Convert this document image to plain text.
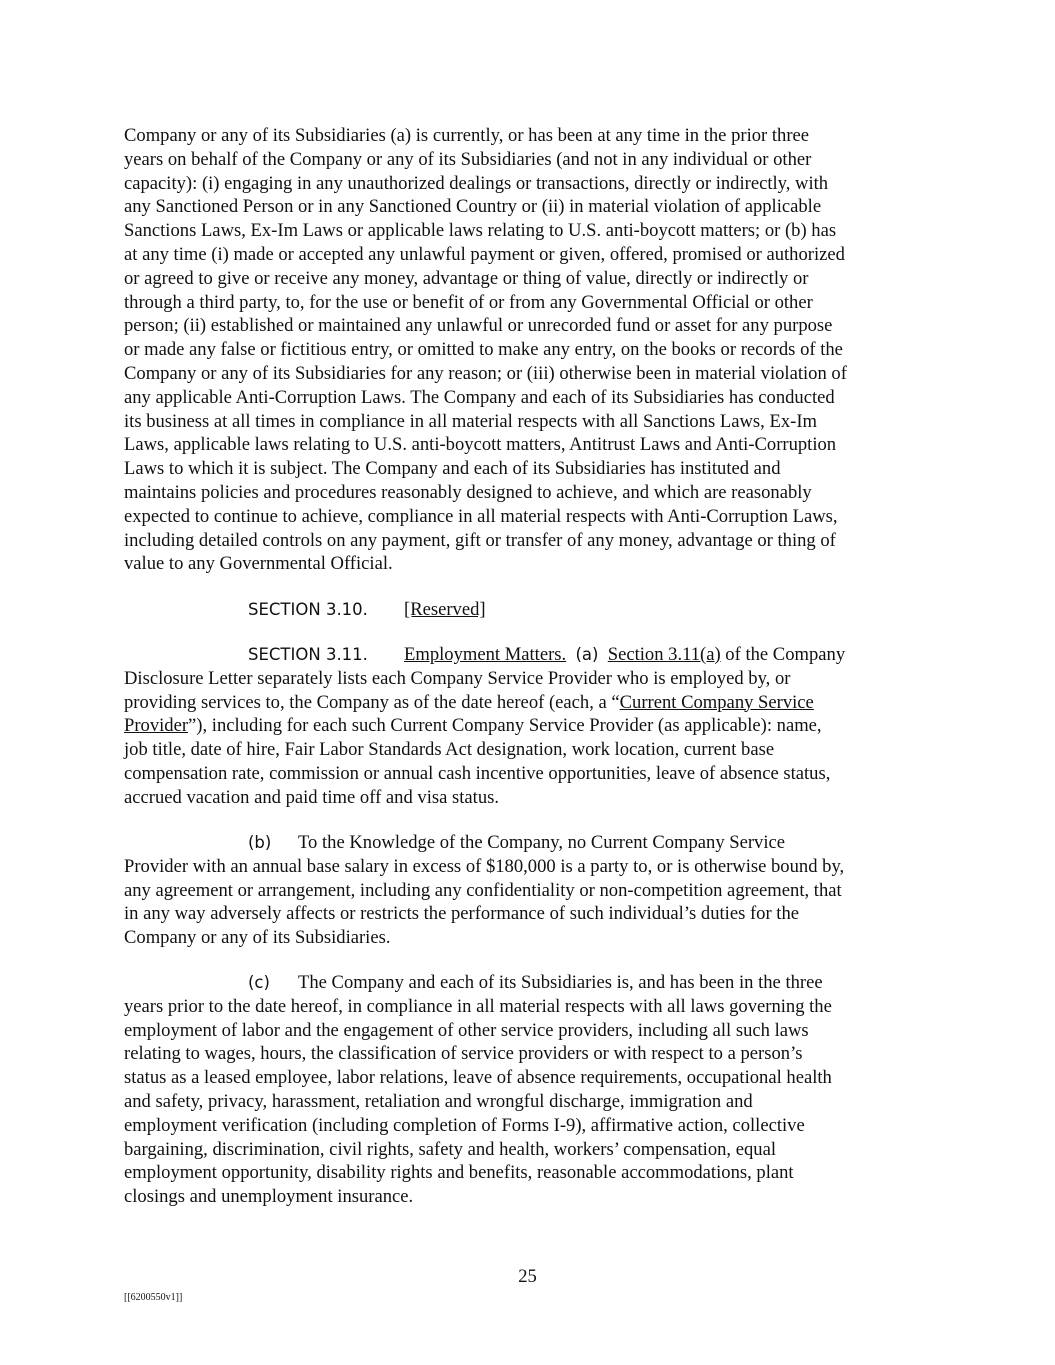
Company or any of its Subsidiaries (a) is currently, or has been at any time in the prior three
years on behalf of the Company or any of its Subsidiaries (and not in any individual or other
capacity): (i) engaging in any unauthorized dealings or transactions, directly or indirectly, with
any Sanctioned Person or in any Sanctioned Country or (ii) in material violation of applicable
Sanctions Laws, Ex-Im Laws or applicable laws relating to U.S. anti-boycott matters; or (b) has
at any time (i) made or accepted any unlawful payment or given, offered, promised or authorized
or agreed to give or receive any money, advantage or thing of value, directly or indirectly or
through a third party, to, for the use or benefit of or from any Governmental Official or other
person; (ii) established or maintained any unlawful or unrecorded fund or asset for any purpose
or made any false or fictitious entry, or omitted to make any entry, on the books or records of the
Company or any of its Subsidiaries for any reason; or (iii) otherwise been in material violation of
any applicable Anti-Corruption Laws. The Company and each of its Subsidiaries has conducted
its business at all times in compliance in all material respects with all Sanctions Laws, Ex-Im
Laws, applicable laws relating to U.S. anti-boycott matters, Antitrust Laws and Anti-Corruption
Laws to which it is subject. The Company and each of its Subsidiaries has instituted and
maintains policies and procedures reasonably designed to achieve, and which are reasonably
expected to continue to achieve, compliance in all material respects with Anti-Corruption Laws,
including detailed controls on any payment, gift or transfer of any money, advantage or thing of
value to any Governmental Official.
SECTION 3.10. [Reserved]
SECTION 3.11. Employment Matters. (a) Section 3.11(a) of the Company
Disclosure Letter separately lists each Company Service Provider who is employed by, or
providing services to, the Company as of the date hereof (each, a “Current Company Service
Provider”), including for each such Current Company Service Provider (as applicable): name,
job title, date of hire, Fair Labor Standards Act designation, work location, current base
compensation rate, commission or annual cash incentive opportunities, leave of absence status,
accrued vacation and paid time off and visa status.
(b) To the Knowledge of the Company, no Current Company Service
Provider with an annual base salary in excess of $180,000 is a party to, or is otherwise bound by,
any agreement or arrangement, including any confidentiality or non-competition agreement, that
in any way adversely affects or restricts the performance of such individual’s duties for the
Company or any of its Subsidiaries.
(c) The Company and each of its Subsidiaries is, and has been in the three
years prior to the date hereof, in compliance in all material respects with all laws governing the
employment of labor and the engagement of other service providers, including all such laws
relating to wages, hours, the classification of service providers or with respect to a person’s
status as a leased employee, labor relations, leave of absence requirements, occupational health
and safety, privacy, harassment, retaliation and wrongful discharge, immigration and
employment verification (including completion of Forms I-9), affirmative action, collective
bargaining, discrimination, civil rights, safety and health, workers’ compensation, equal
employment opportunity, disability rights and benefits, reasonable accommodations, plant
closings and unemployment insurance.
25
[[6200550v1]]
